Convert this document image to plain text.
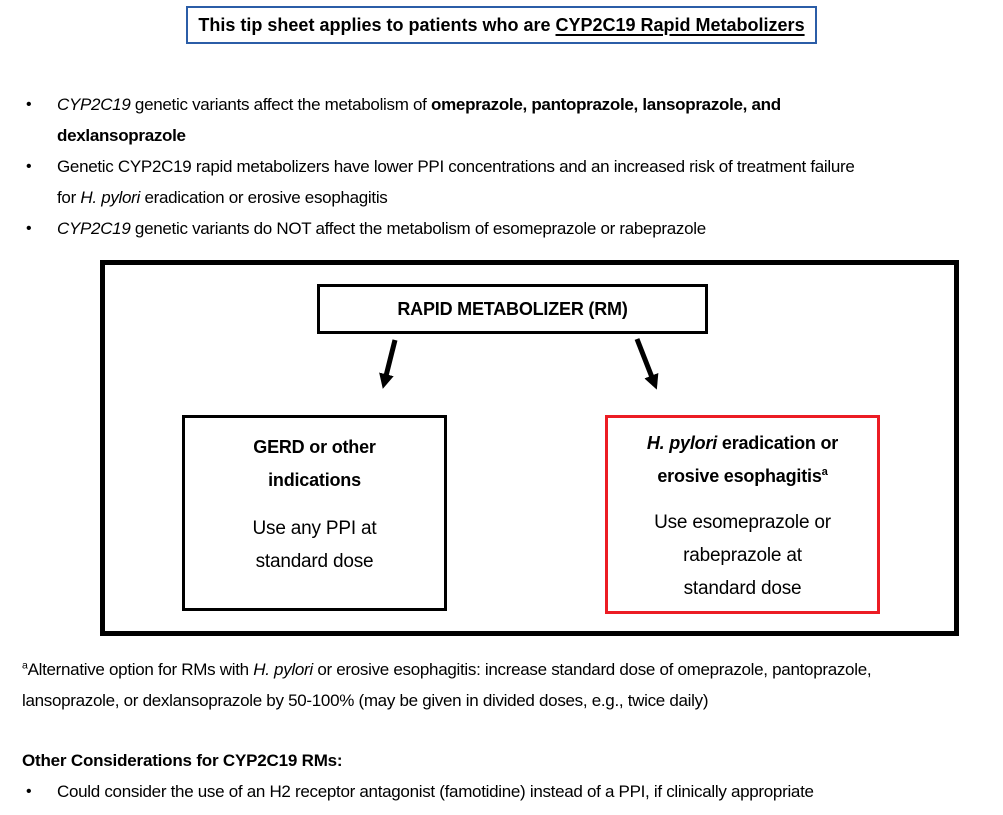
This tip sheet applies to patients who are CYP2C19 Rapid Metabolizers
•	CYP2C19 genetic variants affect the metabolism of omeprazole, pantoprazole, lansoprazole, and dexlansoprazole
•	Genetic CYP2C19 rapid metabolizers have lower PPI concentrations and an increased risk of treatment failure for H. pylori eradication or erosive esophagitis
•	CYP2C19 genetic variants do NOT affect the metabolism of esomeprazole or rabeprazole
RAPID METABOLIZER (RM)
GERD or other
indications
Use any PPI at
standard dose
H. pylori eradication or
erosive esophagitis$^a$
Use esomeprazole or
rabeprazole at
standard dose
$^a$Alternative option for RMs with H. pylori or erosive esophagitis: increase standard dose of omeprazole, pantoprazole, lansoprazole, or dexlansoprazole by 50-100% (may be given in divided doses, e.g., twice daily)
Other Considerations for CYP2C19 RMs:
•	Could consider the use of an H2 receptor antagonist (famotidine) instead of a PPI, if clinically appropriate
